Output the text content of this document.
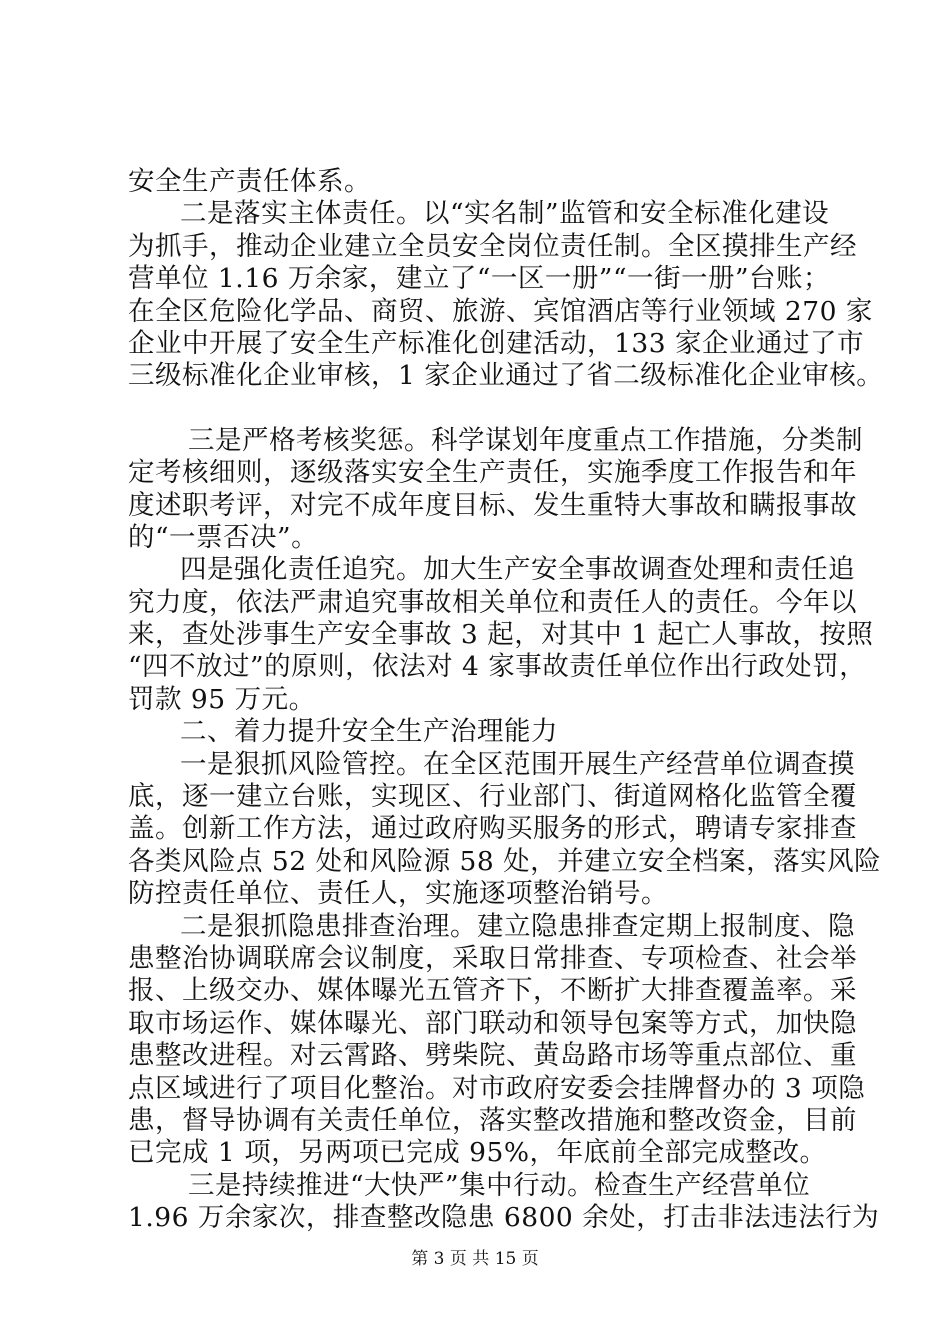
安全生产责任体系。
二是落实主体责任。以“实名制”监管和安全标准化建设
为抓手，推动企业建立全员安全岗位责任制。全区摸排生产经
营单位 1.16 万余家，建立了“一区一册”“一街一册”台账；
在全区危险化学品、商贸、旅游、宾馆酒店等行业领域 270 家
企业中开展了安全生产标准化创建活动，133 家企业通过了市
三级标准化企业审核，1 家企业通过了省二级标准化企业审核。
三是严格考核奖惩。科学谋划年度重点工作措施，分类制
定考核细则，逐级落实安全生产责任，实施季度工作报告和年
度述职考评，对完不成年度目标、发生重特大事故和瞒报事故
的“一票否决”。
四是强化责任追究。加大生产安全事故调查处理和责任追
究力度，依法严肃追究事故相关单位和责任人的责任。今年以
来，查处涉事生产安全事故 3 起，对其中 1 起亡人事故，按照
“四不放过”的原则，依法对 4 家事故责任单位作出行政处罚，
罚款 95 万元。
二、着力提升安全生产治理能力
一是狠抓风险管控。在全区范围开展生产经营单位调查摸
底，逐一建立台账，实现区、行业部门、街道网格化监管全覆
盖。创新工作方法，通过政府购买服务的形式，聘请专家排查
各类风险点 52 处和风险源 58 处，并建立安全档案，落实风险
防控责任单位、责任人，实施逐项整治销号。
二是狠抓隐患排查治理。建立隐患排查定期上报制度、隐
患整治协调联席会议制度，采取日常排查、专项检查、社会举
报、上级交办、媒体曝光五管齐下，不断扩大排查覆盖率。采
取市场运作、媒体曝光、部门联动和领导包案等方式，加快隐
患整改进程。对云霄路、劈柴院、黄岛路市场等重点部位、重
点区域进行了项目化整治。对市政府安委会挂牌督办的 3 项隐
患，督导协调有关责任单位，落实整改措施和整改资金，目前
已完成 1 项，另两项已完成 95%，年底前全部完成整改。
三是持续推进“大快严”集中行动。检查生产经营单位
1.96 万余家次，排查整改隐患 6800 余处，打击非法违法行为
第 3 页 共 15 页
